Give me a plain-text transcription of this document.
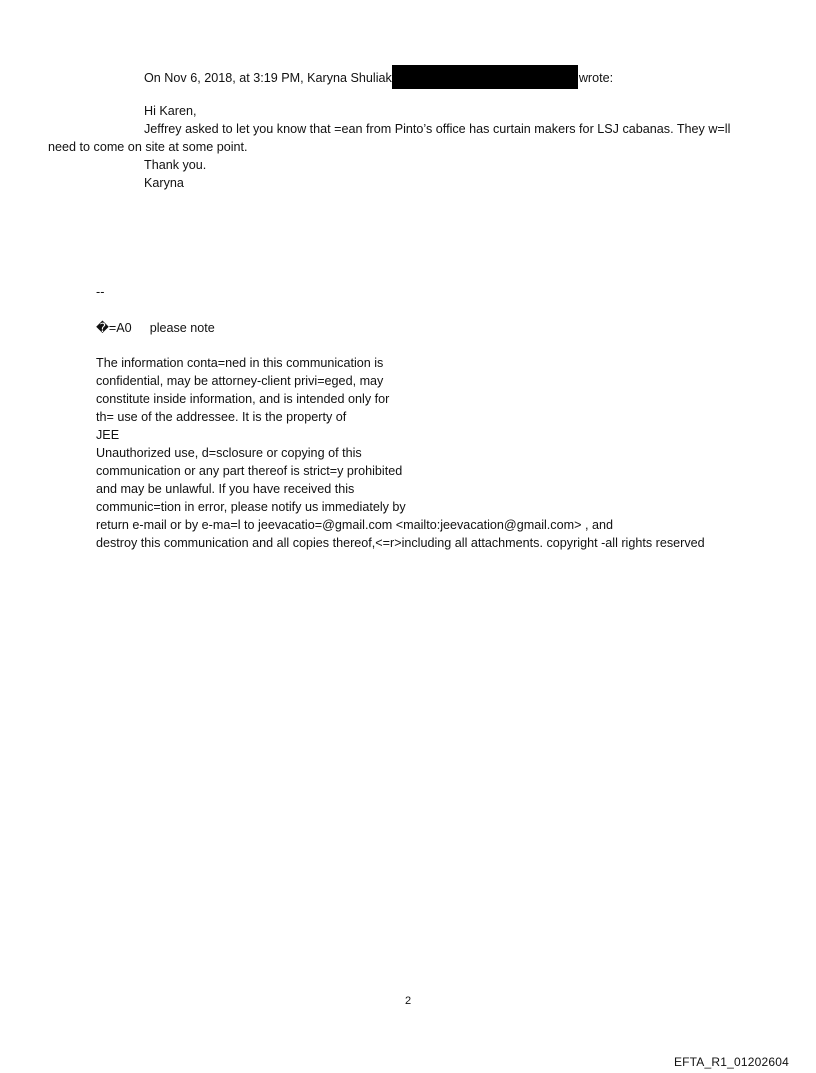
On Nov 6, 2018, at 3:19 PM, Karyna Shuliak	wrote:
Hi Karen,
Jeffrey asked to let you know that =ean from Pinto’s office has curtain makers for LSJ cabanas. They w=ll
need to come on site at some point.
Thank you.
Karyna
--
�=A0 please note
The information conta=ned in this communication is
confidential, may be attorney-client privi=eged, may
constitute inside information, and is intended only for
th= use of the addressee. It is the property of
JEE
Unauthorized use, d=sclosure or copying of this
communication or any part thereof is strict=y prohibited
and may be unlawful. If you have received this
communic=tion in error, please notify us immediately by
return e-mail or by e-ma=l to jeevacatio=@gmail.com <mailto:jeevacation@gmail.com> , and
destroy this communication and all copies thereof,<=r>including all attachments. copyright -all rights reserved
2
EFTA_R1_01202604
